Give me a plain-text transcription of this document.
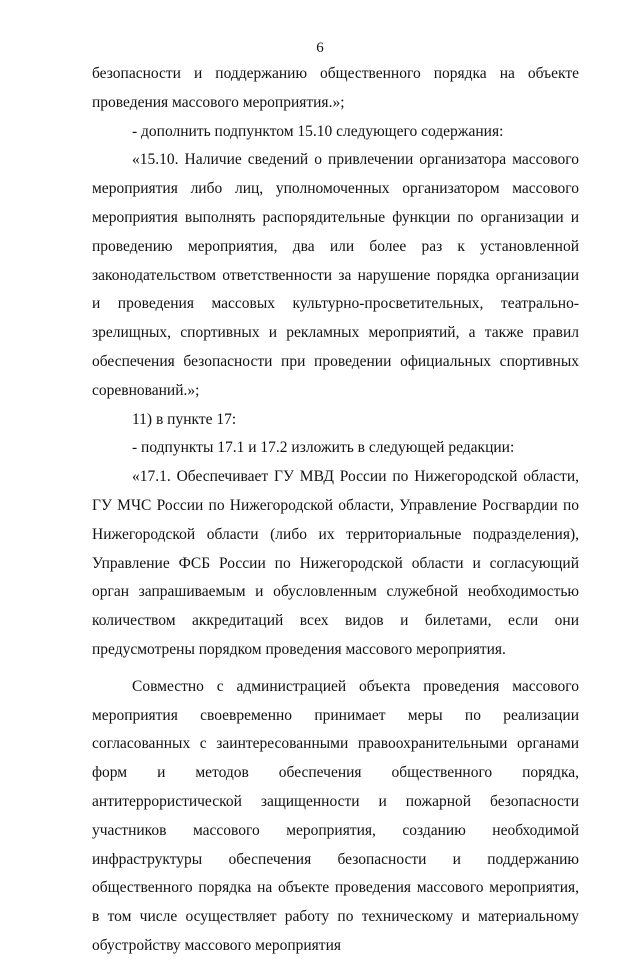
6

безопасности и поддержанию общественного порядка на объекте проведения массового мероприятия.»;

- дополнить подпунктом 15.10 следующего содержания:

«15.10. Наличие сведений о привлечении организатора массового мероприятия либо лиц, уполномоченных организатором массового мероприятия выполнять распорядительные функции по организации и проведению мероприятия, два или более раз к установленной законодательством ответственности за нарушение порядка организации и проведения массовых культурно-просветительных, театрально-зрелищных, спортивных и рекламных мероприятий, а также правил обеспечения безопасности при проведении официальных спортивных соревнований.»;

11) в пункте 17:

- подпункты 17.1 и 17.2 изложить в следующей редакции:

«17.1. Обеспечивает ГУ МВД России по Нижегородской области, ГУ МЧС России по Нижегородской области, Управление Росгвардии по Нижегородской области (либо их территориальные подразделения), Управление ФСБ России по Нижегородской области и согласующий орган запрашиваемым и обусловленным служебной необходимостью количеством аккредитаций всех видов и билетами, если они предусмотрены порядком проведения массового мероприятия.

Совместно с администрацией объекта проведения массового мероприятия своевременно принимает меры по реализации согласованных с заинтересованными правоохранительными органами форм и методов обеспечения общественного порядка, антитеррористической защищенности и пожарной безопасности участников массового мероприятия, созданию необходимой инфраструктуры обеспечения безопасности и поддержанию общественного порядка на объекте проведения массового мероприятия, в том числе осуществляет работу по техническому и материальному обустройству массового мероприятия
